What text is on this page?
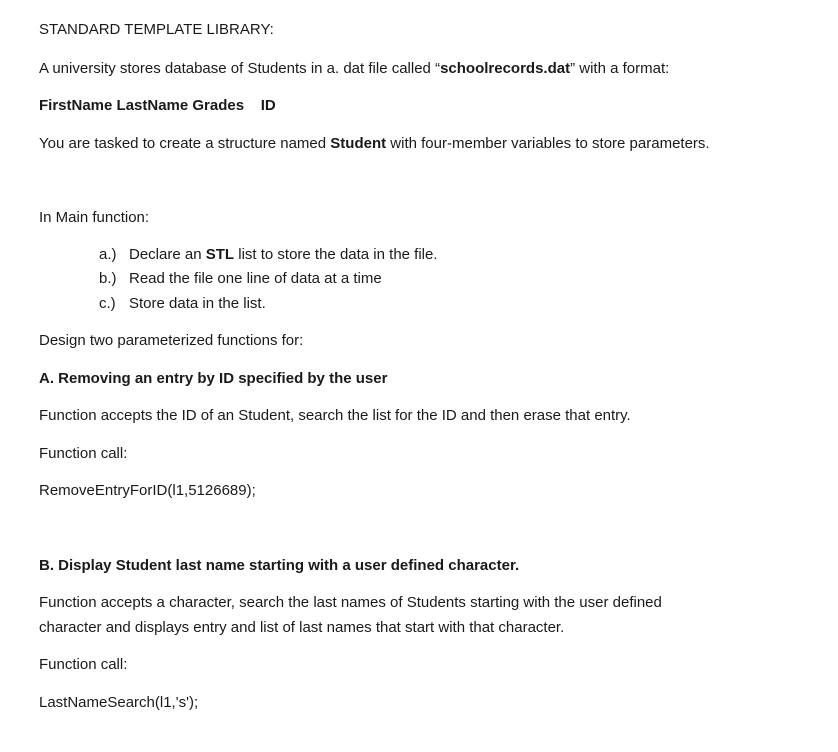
STANDARD TEMPLATE LIBRARY:
A university stores database of Students in a. dat file called “schoolrecords.dat” with a format:
FirstName LastName Grades    ID
You are tasked to create a structure named Student with four-member variables to store parameters.
In Main function:
a.) Declare an STL list to store the data in the file.
b.) Read the file one line of data at a time
c.) Store data in the list.
Design two parameterized functions for:
A. Removing an entry by ID specified by the user
Function accepts the ID of an Student, search the list for the ID and then erase that entry.
Function call:
RemoveEntryForID(l1,5126689);
B. Display Student last name starting with a user defined character.
Function accepts a character, search the last names of Students starting with the user defined
character and displays entry and list of last names that start with that character.
Function call:
LastNameSearch(l1,'s');
